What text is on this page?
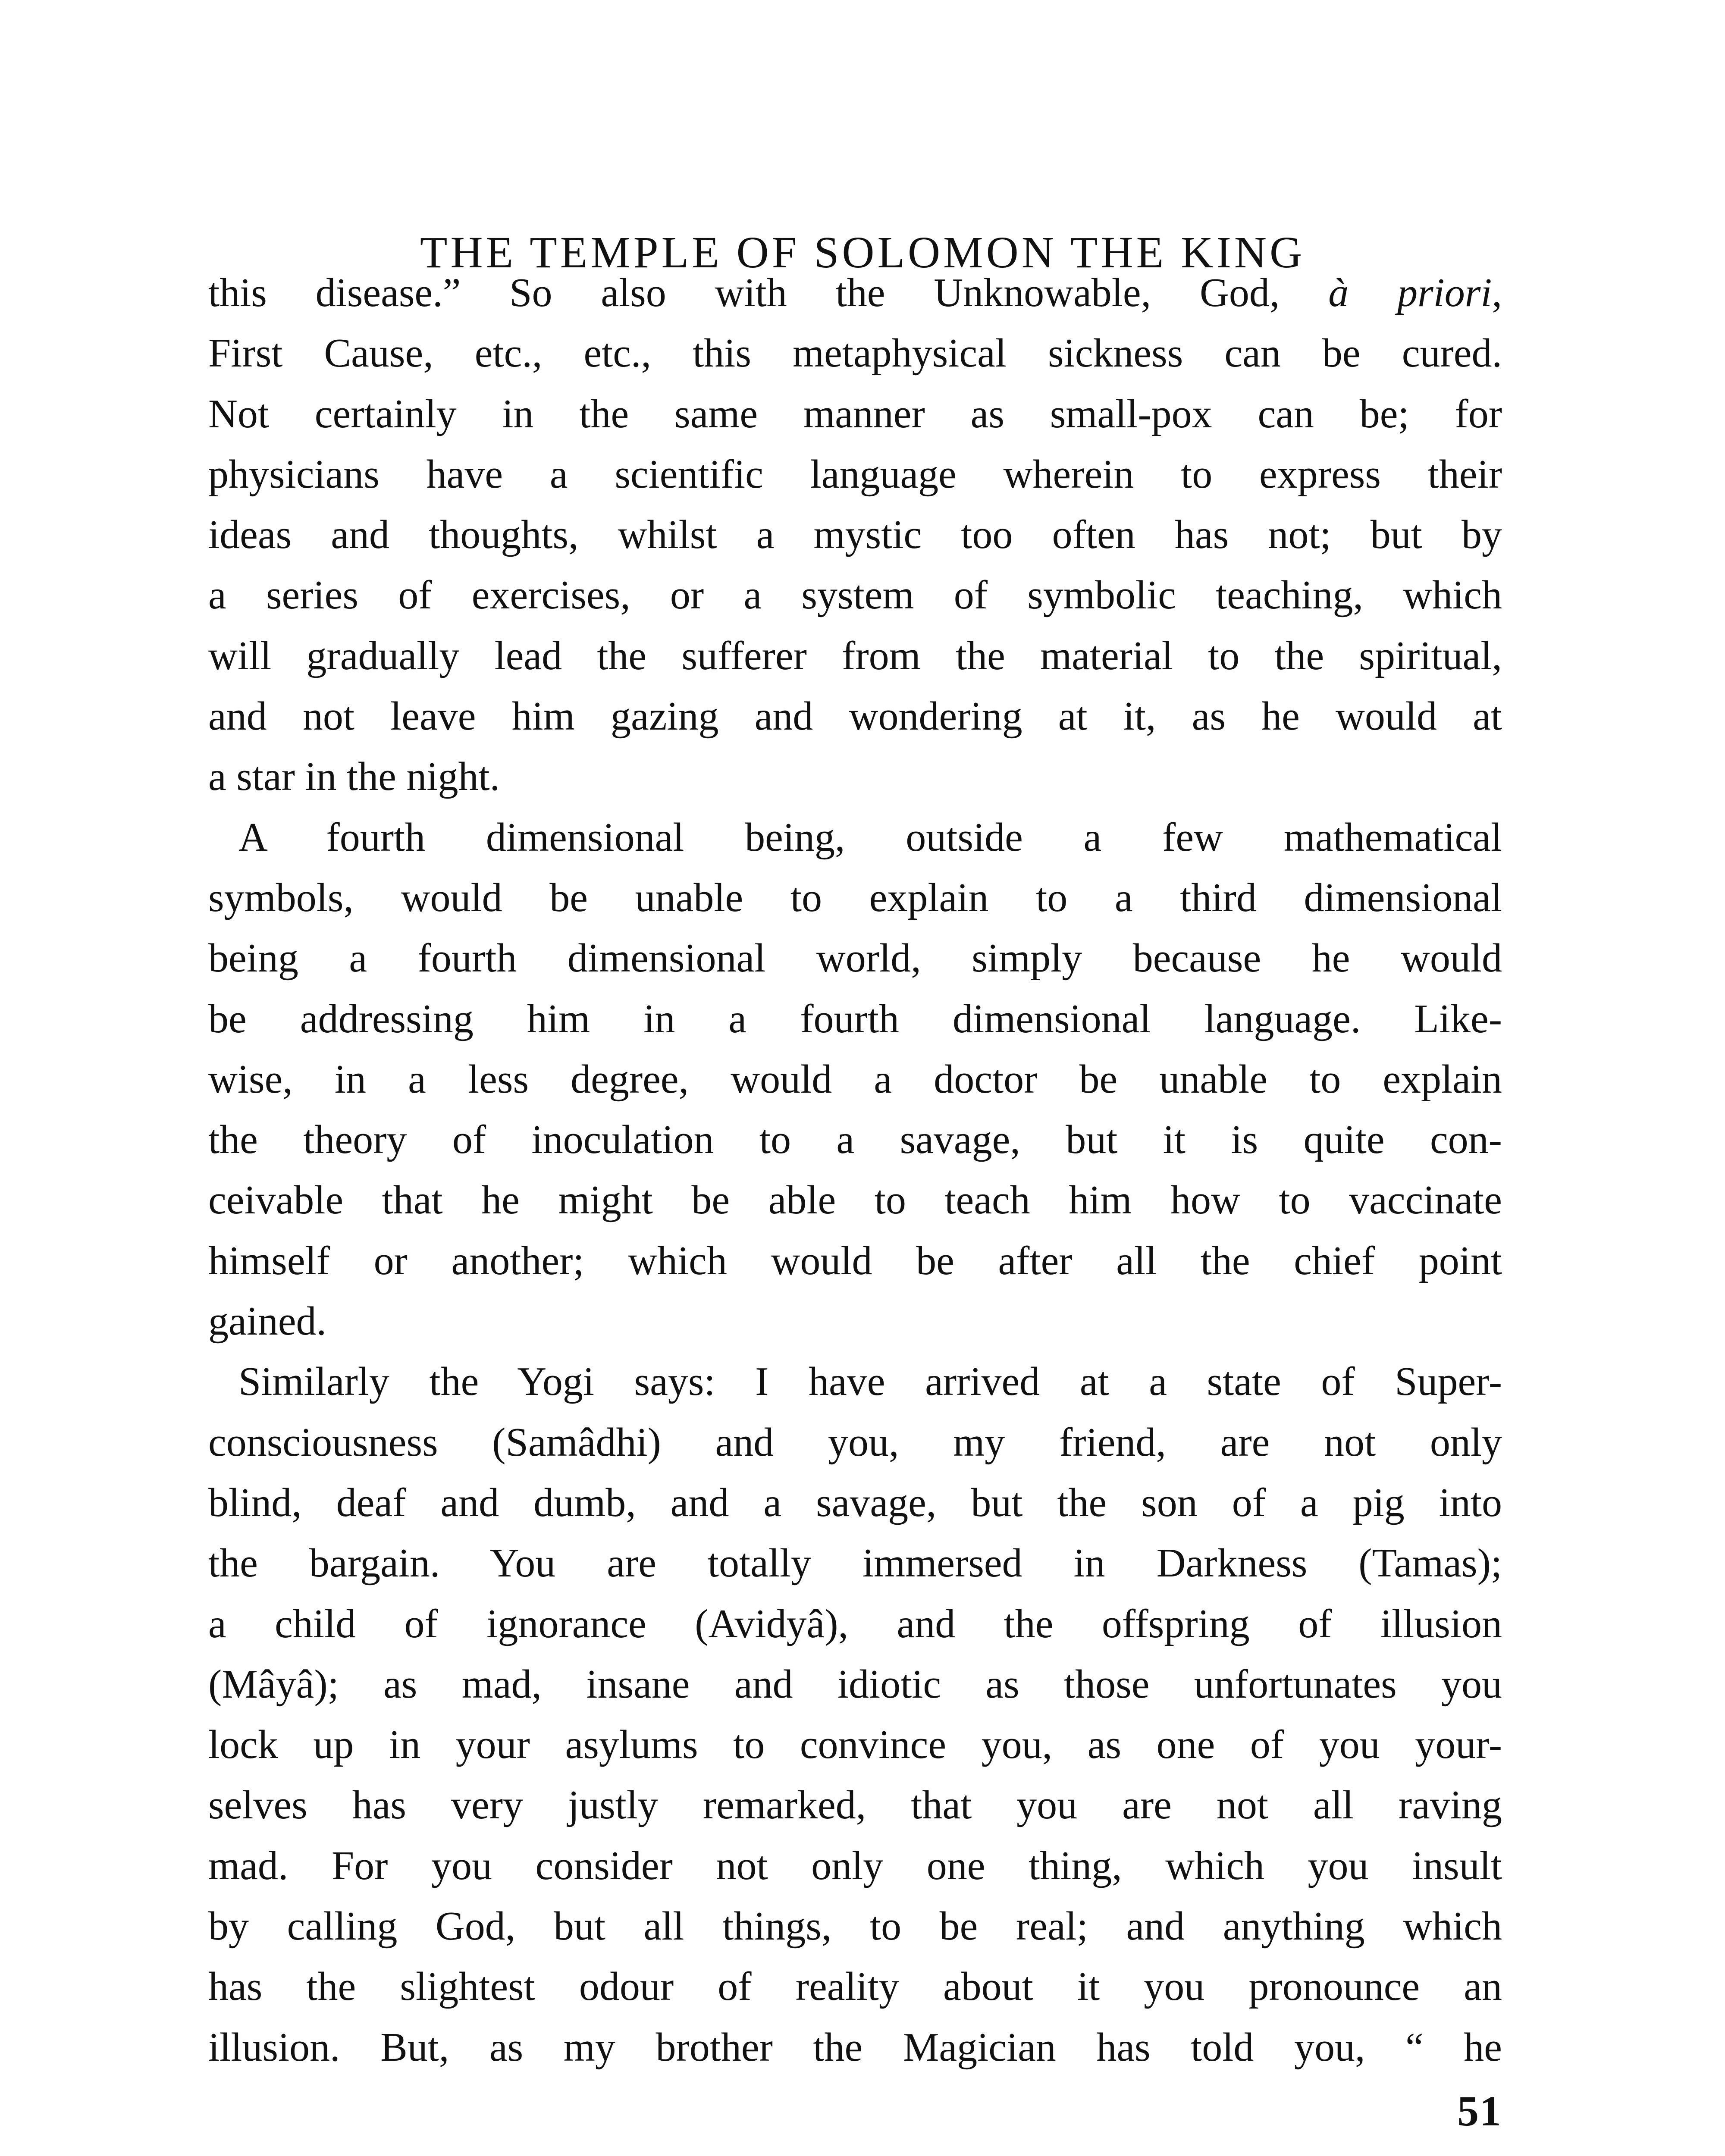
THE TEMPLE OF SOLOMON THE KING
this disease.” So also with the Unknowable, God, à priori,
First Cause, etc., etc., this metaphysical sickness can be cured.
Not certainly in the same manner as small-pox can be; for
physicians have a scientific language wherein to express their
ideas and thoughts, whilst a mystic too often has not; but by
a series of exercises, or a system of symbolic teaching, which
will gradually lead the sufferer from the material to the spiritual,
and not leave him gazing and wondering at it, as he would at
a star in the night.
A fourth dimensional being, outside a few mathematical
symbols, would be unable to explain to a third dimensional
being a fourth dimensional world, simply because he would
be addressing him in a fourth dimensional language. Like-
wise, in a less degree, would a doctor be unable to explain
the theory of inoculation to a savage, but it is quite con-
ceivable that he might be able to teach him how to vaccinate
himself or another; which would be after all the chief point
gained.
Similarly the Yogi says: I have arrived at a state of Super-
consciousness (Samâdhi) and you, my friend, are not only
blind, deaf and dumb, and a savage, but the son of a pig into
the bargain. You are totally immersed in Darkness (Tamas);
a child of ignorance (Avidyâ), and the offspring of illusion
(Mâyâ); as mad, insane and idiotic as those unfortunates you
lock up in your asylums to convince you, as one of you your-
selves has very justly remarked, that you are not all raving
mad. For you consider not only one thing, which you insult
by calling God, but all things, to be real; and anything which
has the slightest odour of reality about it you pronounce an
illusion. But, as my brother the Magician has told you, “ he
51
